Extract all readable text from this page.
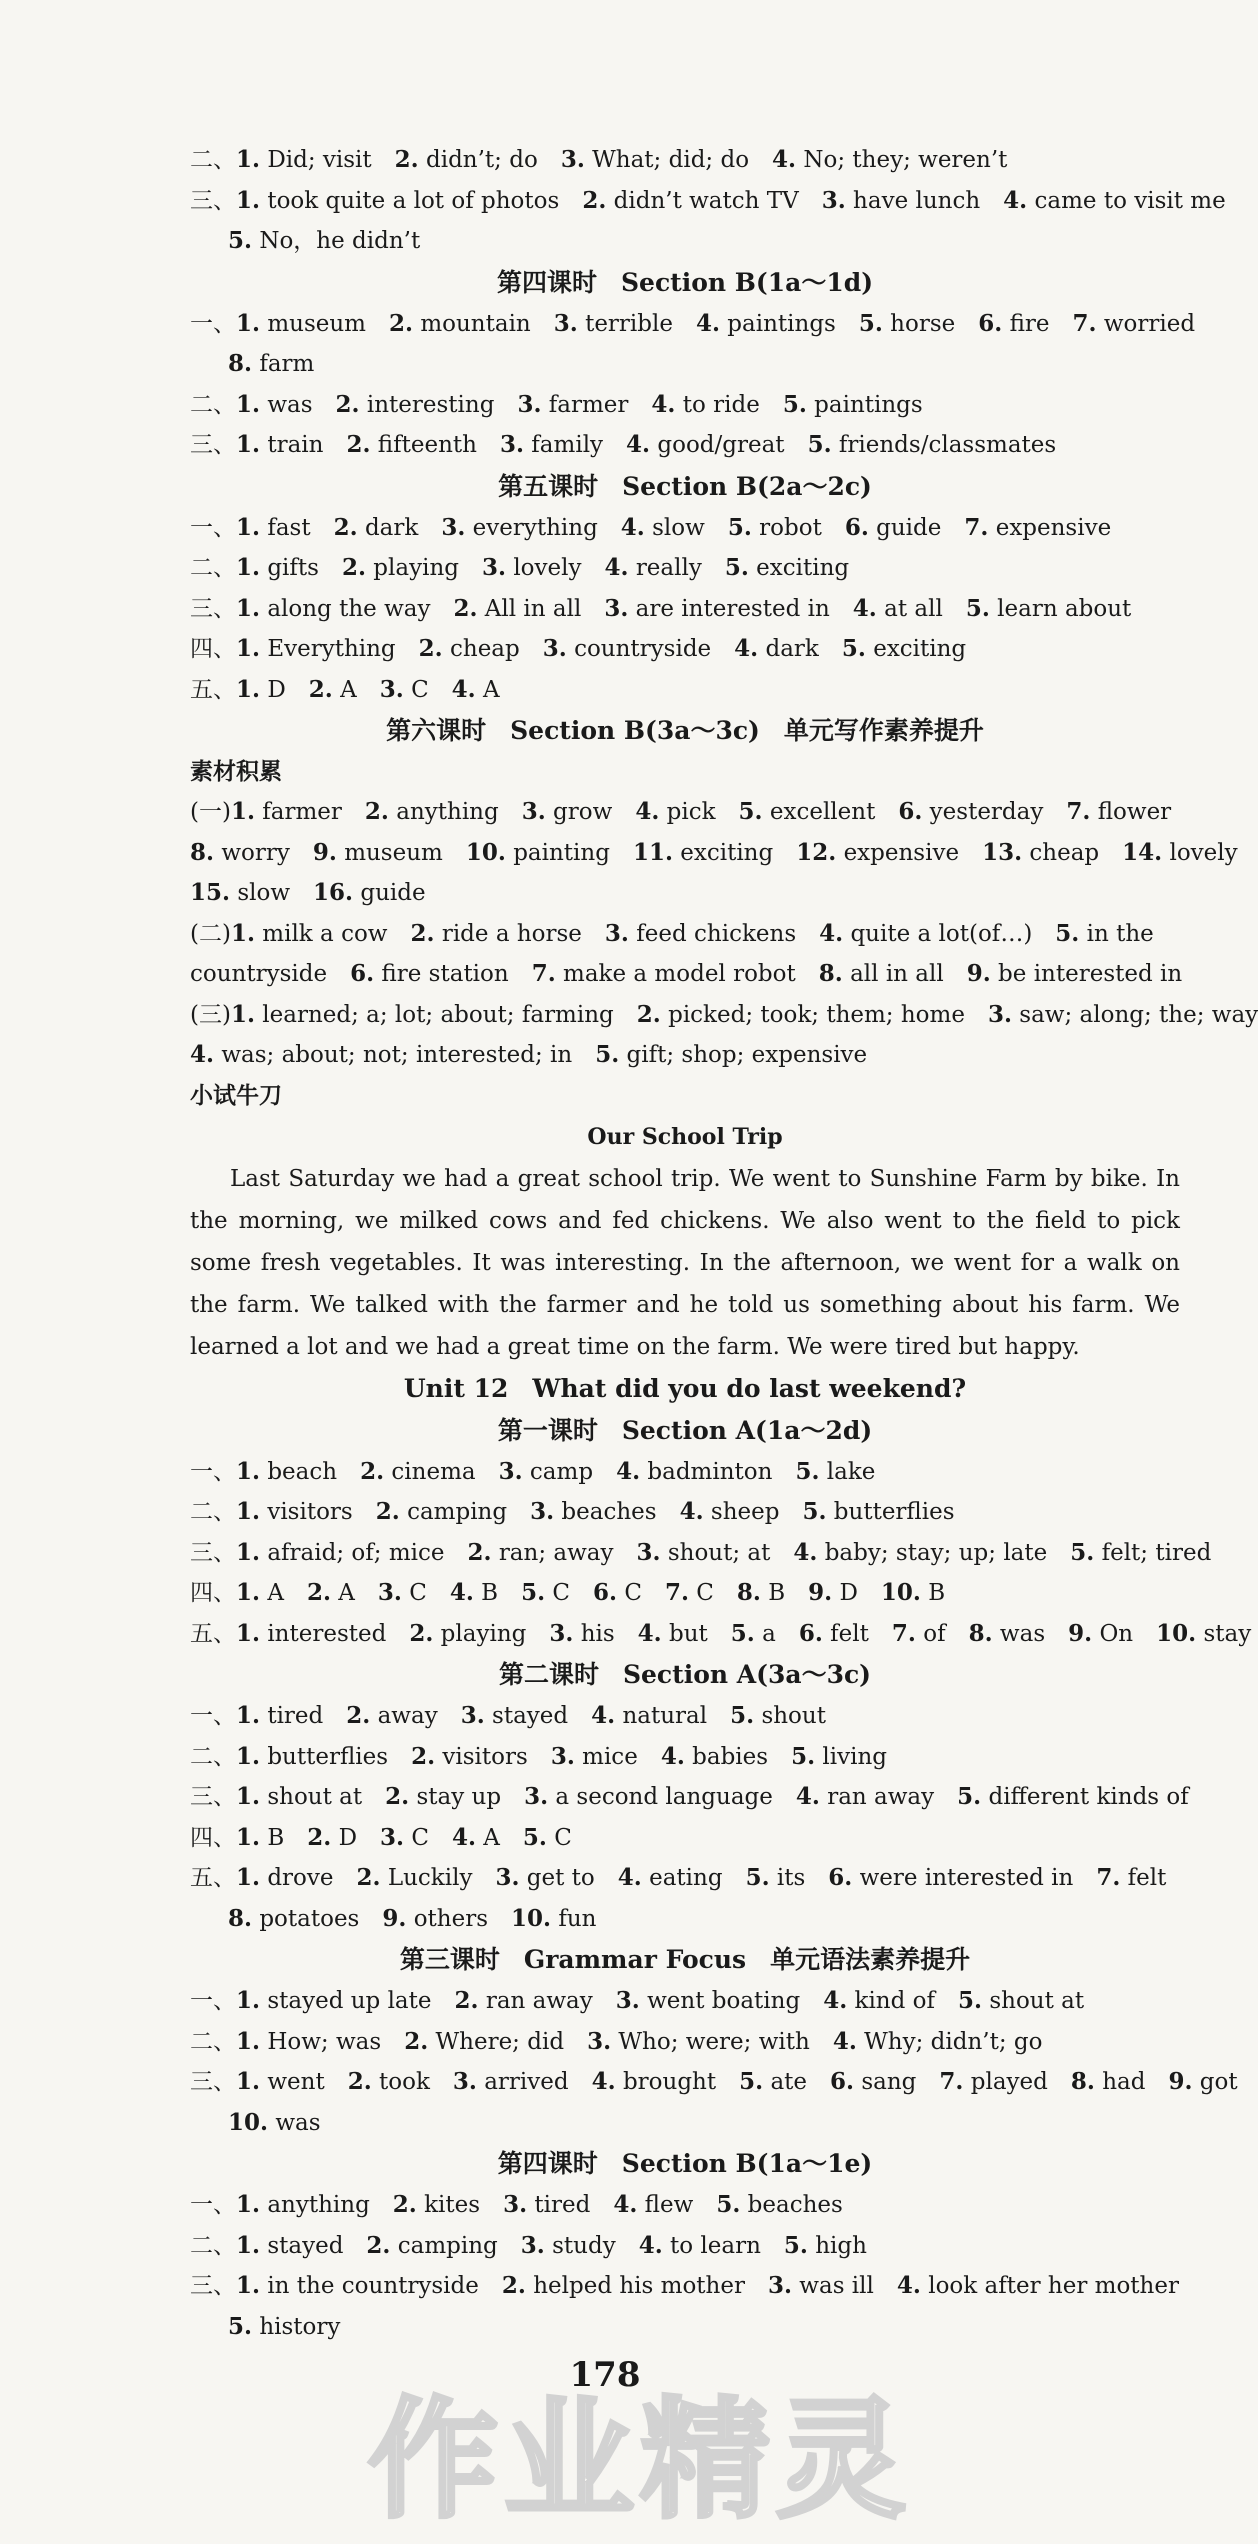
二、1. Did; visit  2. didn’t; do  3. What; did; do  4. No; they; weren’t
三、1. took quite a lot of photos  2. didn’t watch TV  3. have lunch  4. came to visit me
5. No，he didn’t
第四课时 Section B(1a～1d)
一、1. museum  2. mountain  3. terrible  4. paintings  5. horse  6. fire  7. worried
8. farm
二、1. was  2. interesting  3. farmer  4. to ride  5. paintings
三、1. train  2. fifteenth  3. family  4. good/great  5. friends/classmates
第五课时 Section B(2a～2c)
一、1. fast  2. dark  3. everything  4. slow  5. robot  6. guide  7. expensive
二、1. gifts  2. playing  3. lovely  4. really  5. exciting
三、1. along the way  2. All in all  3. are interested in  4. at all  5. learn about
四、1. Everything  2. cheap  3. countryside  4. dark  5. exciting
五、1. D  2. A  3. C  4. A
第六课时 Section B(3a～3c) 单元写作素养提升
素材积累
(一)1. farmer  2. anything  3. grow  4. pick  5. excellent  6. yesterday  7. flower
8. worry  9. museum  10. painting  11. exciting  12. expensive  13. cheap  14. lovely
15. slow  16. guide
(二)1. milk a cow  2. ride a horse  3. feed chickens  4. quite a lot(of…)  5. in the
countryside  6. fire station  7. make a model robot  8. all in all  9. be interested in
(三)1. learned; a; lot; about; farming  2. picked; took; them; home  3. saw; along; the; way
4. was; about; not; interested; in  5. gift; shop; expensive
小试牛刀
Our School Trip
Last Saturday we had a great school trip. We went to Sunshine Farm by bike. In the morning, we milked cows and fed chickens. We also went to the field to pick some fresh vegetables. It was interesting. In the afternoon, we went for a walk on the farm. We talked with the farmer and he told us something about his farm. We learned a lot and we had a great time on the farm. We were tired but happy.
Unit 12 What did you do last weekend?
第一课时 Section A(1a～2d)
一、1. beach  2. cinema  3. camp  4. badminton  5. lake
二、1. visitors  2. camping  3. beaches  4. sheep  5. butterflies
三、1. afraid; of; mice  2. ran; away  3. shout; at  4. baby; stay; up; late  5. felt; tired
四、1. A  2. A  3. C  4. B  5. C  6. C  7. C  8. B  9. D  10. B
五、1. interested  2. playing  3. his  4. but  5. a  6. felt  7. of  8. was  9. On  10. stay
第二课时 Section A(3a～3c)
一、1. tired  2. away  3. stayed  4. natural  5. shout
二、1. butterflies  2. visitors  3. mice  4. babies  5. living
三、1. shout at  2. stay up  3. a second language  4. ran away  5. different kinds of
四、1. B  2. D  3. C  4. A  5. C
五、1. drove  2. Luckily  3. get to  4. eating  5. its  6. were interested in  7. felt
8. potatoes  9. others  10. fun
第三课时 Grammar Focus 单元语法素养提升
一、1. stayed up late  2. ran away  3. went boating  4. kind of  5. shout at
二、1. How; was  2. Where; did  3. Who; were; with  4. Why; didn’t; go
三、1. went  2. took  3. arrived  4. brought  5. ate  6. sang  7. played  8. had  9. got
10. was
第四课时 Section B(1a～1e)
一、1. anything  2. kites  3. tired  4. flew  5. beaches
二、1. stayed  2. camping  3. study  4. to learn  5. high
三、1. in the countryside  2. helped his mother  3. was ill  4. look after her mother
5. history
178
作业精灵
